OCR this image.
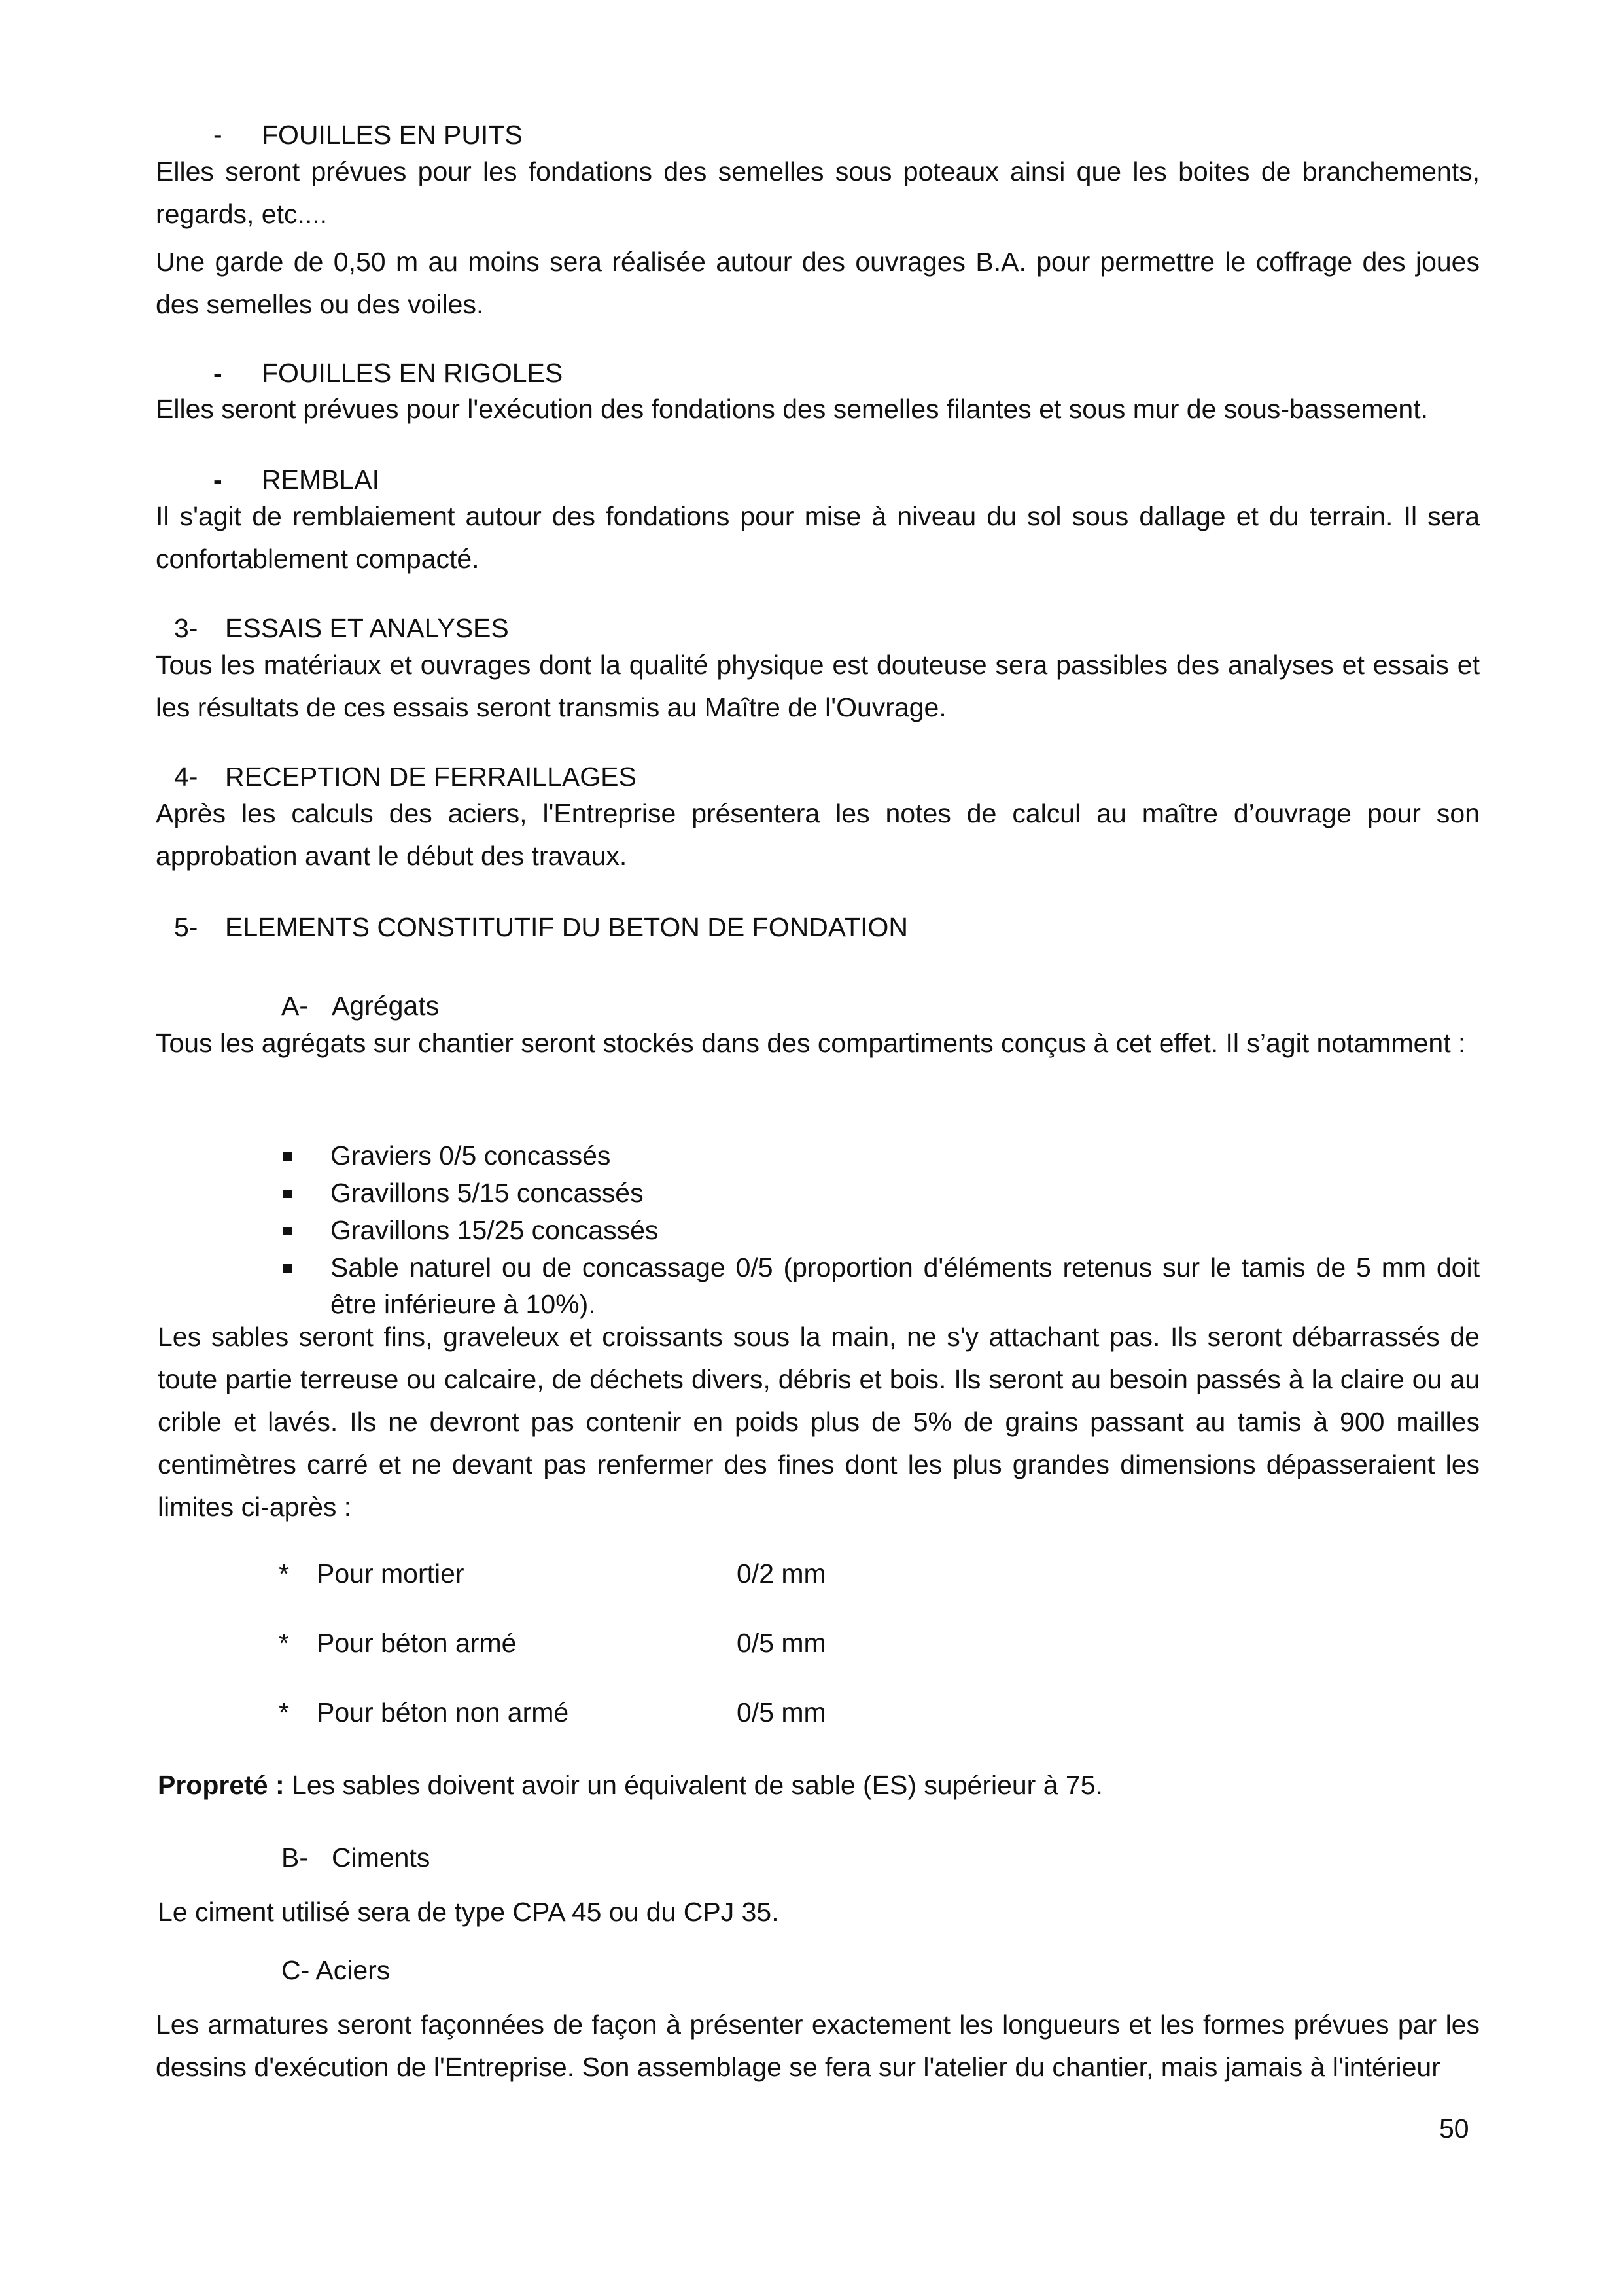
- FOUILLES EN PUITS
Elles seront prévues pour les fondations des semelles sous poteaux ainsi que les boites de branchements, regards, etc....
Une garde de 0,50 m au moins sera réalisée autour des ouvrages B.A. pour permettre le coffrage des joues des semelles ou des voiles.
- FOUILLES EN RIGOLES
Elles seront prévues pour l'exécution des fondations des semelles filantes et sous mur de sous-bassement.
- REMBLAI
Il s'agit de remblaiement autour des fondations pour mise à niveau du sol sous dallage et du terrain. Il sera confortablement compacté.
3- ESSAIS ET ANALYSES
Tous les matériaux et ouvrages dont la qualité physique est douteuse sera passibles des analyses et essais et les résultats de ces essais seront transmis au Maître de l'Ouvrage.
4- RECEPTION DE FERRAILLAGES
Après les calculs des aciers, l'Entreprise présentera les notes de calcul au maître d’ouvrage pour son approbation avant le début des travaux.
5- ELEMENTS CONSTITUTIF DU BETON DE FONDATION
A- Agrégats
Tous les agrégats sur chantier seront stockés dans des compartiments conçus à cet effet. Il s’agit notamment :
Graviers 0/5 concassés
Gravillons 5/15 concassés
Gravillons 15/25 concassés
Sable naturel ou de concassage 0/5 (proportion d'éléments retenus sur le tamis de 5 mm doit être inférieure à 10%).
Les sables seront fins, graveleux et croissants sous la main, ne s'y attachant pas. Ils seront débarrassés de toute partie terreuse ou calcaire, de déchets divers, débris et bois. Ils seront au besoin passés à la claire ou au crible et lavés. Ils ne devront pas contenir en poids plus de 5% de grains passant au tamis à 900 mailles centimètres carré et ne devant pas renfermer des fines dont les plus grandes dimensions dépasseraient les limites ci-après :
* Pour mortier	0/2 mm
* Pour béton armé	0/5 mm
* Pour béton non armé	0/5 mm
Propreté : Les sables doivent avoir un équivalent de sable (ES) supérieur à 75.
B- Ciments
Le ciment utilisé sera de type CPA 45 ou du CPJ 35.
C- Aciers
Les armatures seront façonnées de façon à présenter exactement les longueurs et les formes prévues par les dessins d'exécution de l'Entreprise. Son assemblage se fera sur l'atelier du chantier, mais jamais à l'intérieur
50
